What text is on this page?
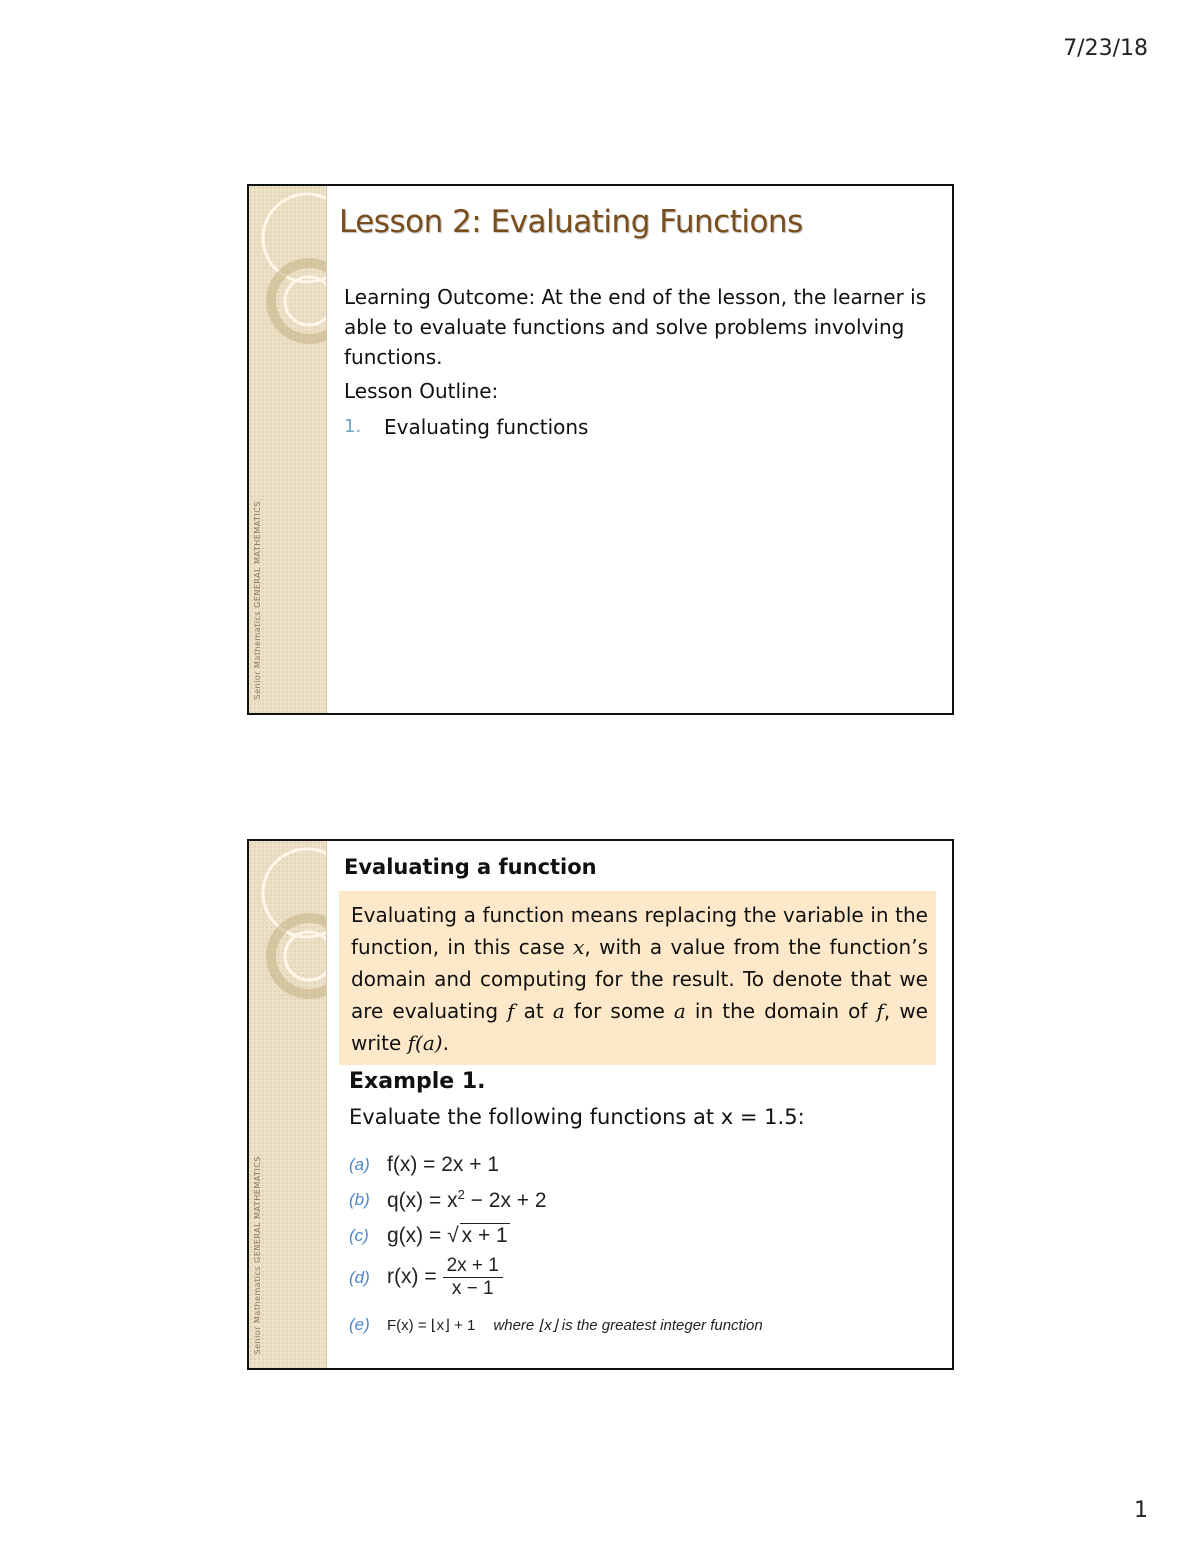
7/23/18
Senior Mathematics GENERAL MATHEMATICS
Lesson 2: Evaluating Functions

Learning Outcome: At the end of the lesson, the learner is able to evaluate functions and solve problems involving functions.

Lesson Outline:

1.	Evaluating functions
Senior Mathematics GENERAL MATHEMATICS
Evaluating a function
Evaluating a function means replacing the variable in the function, in this case x, with a value from the function’s domain and computing for the result. To denote that we are evaluating f at a for some a in the domain of f, we write f(a).
Example 1.
Evaluate the following functions at x = 1.5:
(a) f(x) = 2x + 1
(b) $q(x) = x^2 - 2x + 2$
(c) g(x) = √ x + 1
(d) $r(x) = \frac{2x + 1}{x - 1}$
(e)	F(x) = ⌊x⌋ + 1 where ⌊x⌋ is the greatest integer function
1
